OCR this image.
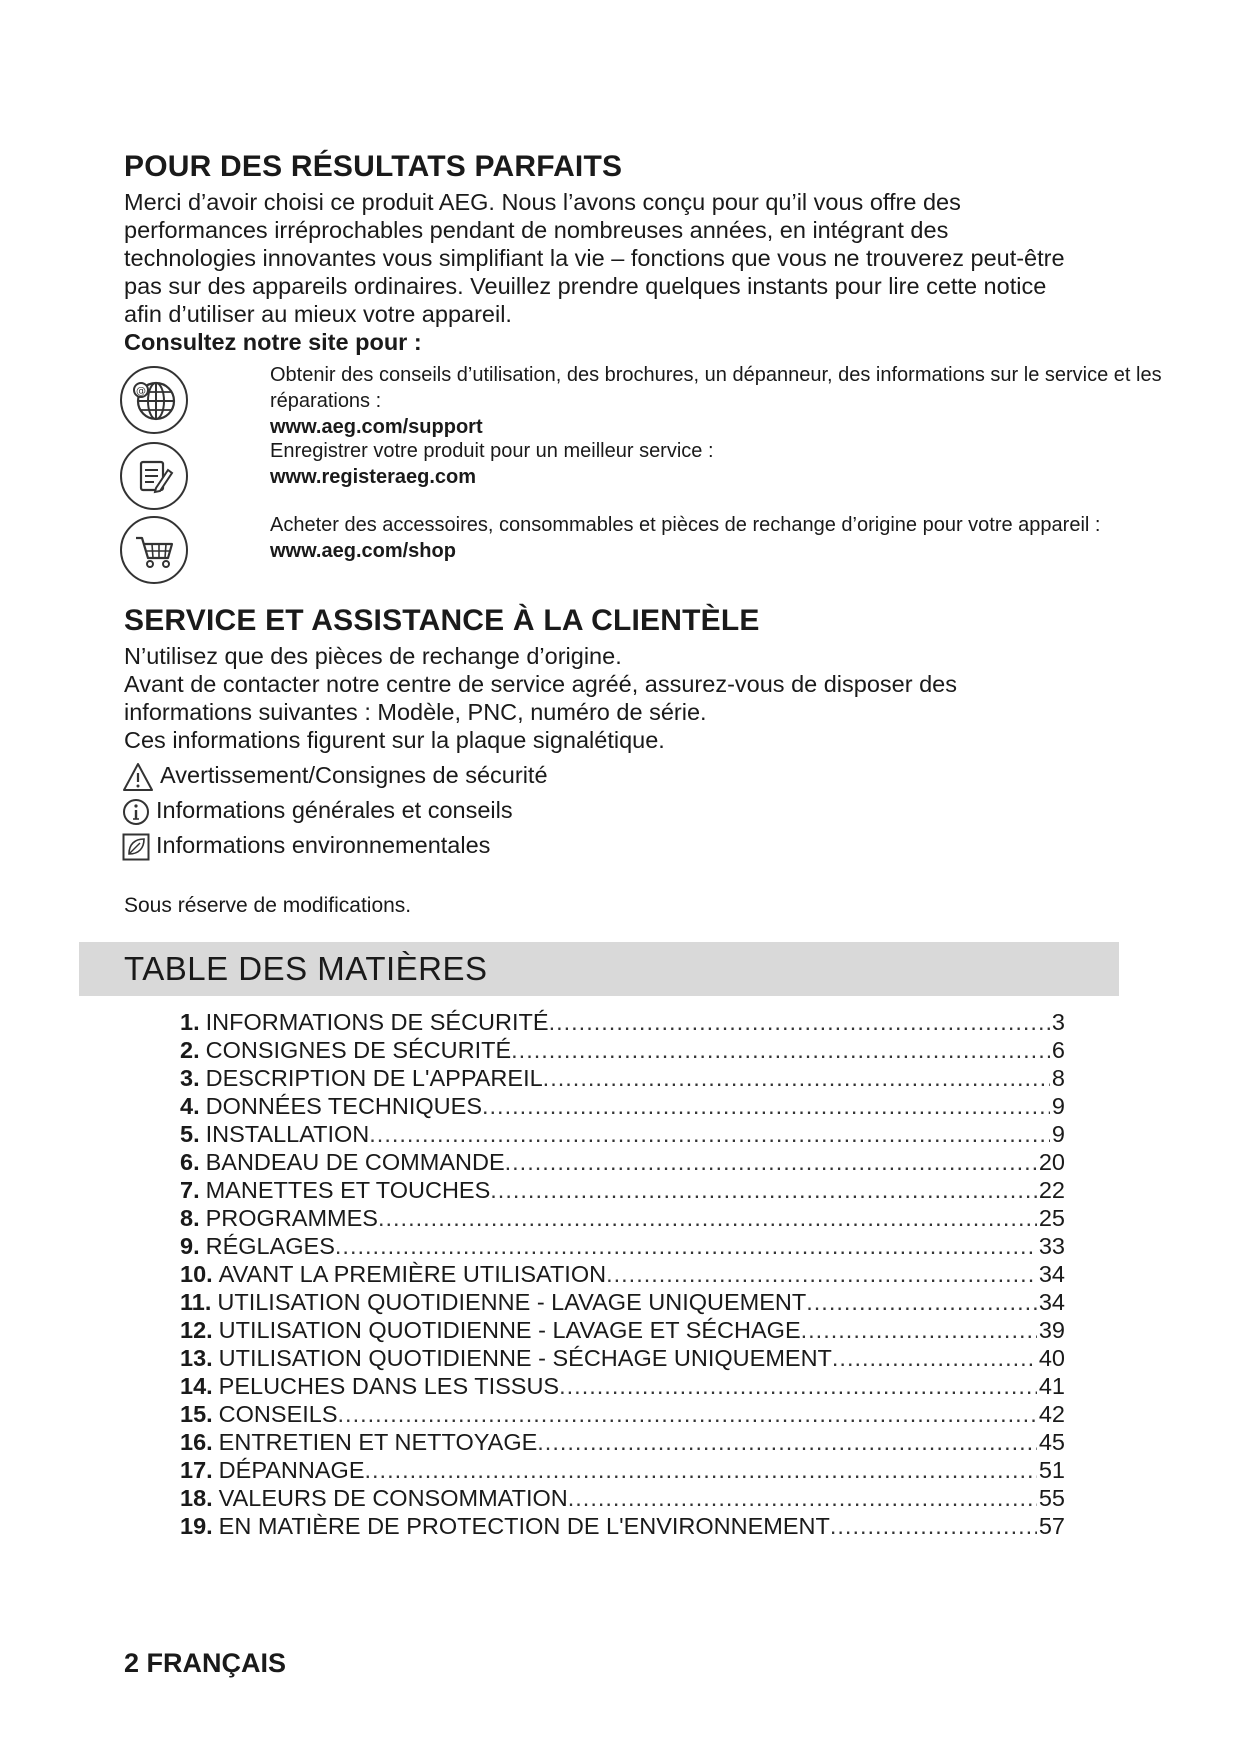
POUR DES RÉSULTATS PARFAITS

Merci d’avoir choisi ce produit AEG. Nous l’avons conçu pour qu’il vous offre des performances irréprochables pendant de nombreuses années, en intégrant des technologies innovantes vous simplifiant la vie – fonctions que vous ne trouverez peut-être pas sur des appareils ordinaires. Veuillez prendre quelques instants pour lire cette notice afin d’utiliser au mieux votre appareil.

Consultez notre site pour :

@
Obtenir des conseils d’utilisation, des brochures, un dépanneur, des informations sur le service et les réparations :
www.aeg.com/support
Enregistrer votre produit pour un meilleur service :
www.registeraeg.com
Acheter des accessoires, consommables et pièces de rechange d’origine pour votre appareil :
www.aeg.com/shop
SERVICE ET ASSISTANCE À LA CLIENTÈLE

N’utilisez que des pièces de rechange d’origine.

Avant de contacter notre centre de service agréé, assurez-vous de disposer des informations suivantes : Modèle, PNC, numéro de série.

Ces informations figurent sur la plaque signalétique.

Avertissement/Consignes de sécurité
Informations générales et conseils
Informations environnementales
Sous réserve de modifications.
TABLE DES MATIÈRES
1. INFORMATIONS DE SÉCURITÉ .....	3
2. CONSIGNES DE SÉCURITÉ .....	6
3. DESCRIPTION DE L'APPAREIL .....	8
4. DONNÉES TECHNIQUES .....	9
5. INSTALLATION .....	9
6. BANDEAU DE COMMANDE .....	20
7. MANETTES ET TOUCHES .....	22
8. PROGRAMMES .....	25
9. RÉGLAGES .....	33
10. AVANT LA PREMIÈRE UTILISATION .....	34
11. UTILISATION QUOTIDIENNE - LAVAGE UNIQUEMENT .....	34
12. UTILISATION QUOTIDIENNE - LAVAGE ET SÉCHAGE .....	39
13. UTILISATION QUOTIDIENNE - SÉCHAGE UNIQUEMENT .....	40
14. PELUCHES DANS LES TISSUS .....	41
15. CONSEILS .....	42
16. ENTRETIEN ET NETTOYAGE .....	45
17. DÉPANNAGE .....	51
18. VALEURS DE CONSOMMATION .....	55
19. EN MATIÈRE DE PROTECTION DE L'ENVIRONNEMENT .....	57
2 FRANÇAIS
